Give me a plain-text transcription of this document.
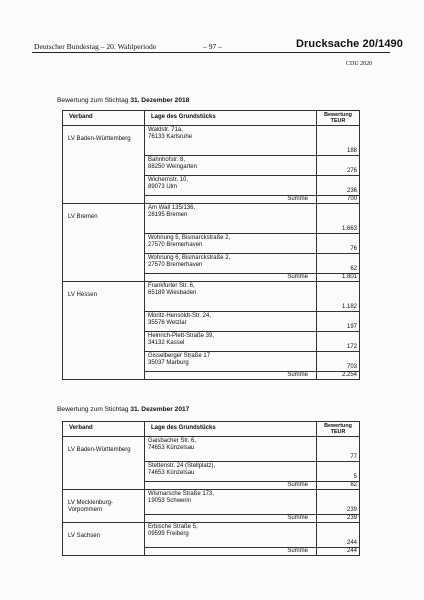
Deutscher Bundestag – 20. Wahlperiode	– 97 –	Drucksache 20/1490
CDU 2020
Bewertung zum Stichtag 31. Dezember 2018
Verband	Lage des Grundstücks	Bewertung
TEUR
LV Baden-Württemberg	Waldstr. 71a,
76133 Karlsruhe	188
	Bahnhofstr. 8,
88250 Weingarten	276
	Wichernstr. 10,
89073 Ulm	236
	Summe	700
LV Bremen	Am Wall 135/136,
28195 Bremen	1.663
	Wohnung 5, Bismarckstraße 2,
27570 Bremerhaven	76
	Wohnung 6, Bismarckstraße 2,
27570 Bremerhaven	62
	Summe	1.801
LV Hessen	Frankfurter Str. 6,
65189 Wiesbaden	1.182
	Moritz-Hensoldt-Str. 24,
35576 Wetzlar	197
	Heinrich-Plett-Straße 39,
34132 Kassel	172
	Gisselberger Straße 17
35037 Marburg	703
	Summe	2.254
Bewertung zum Stichtag 31. Dezember 2017
Verband	Lage des Grundstücks	Bewertung
TEUR
LV Baden-Württemberg	Gaisbacher Str. 6,
74653 Künzelsau	77
	Stettenstr. 24 (Stellplatz),
74653 Künzelsau	5
	Summe	82
LV Mecklenburg-Vorpommern	Wismarsche Straße 173,
19053 Schwerin	239
	Summe	239
LV Sachsen	Erbische Straße 5,
09599 Freiberg	244
	Summe	244
